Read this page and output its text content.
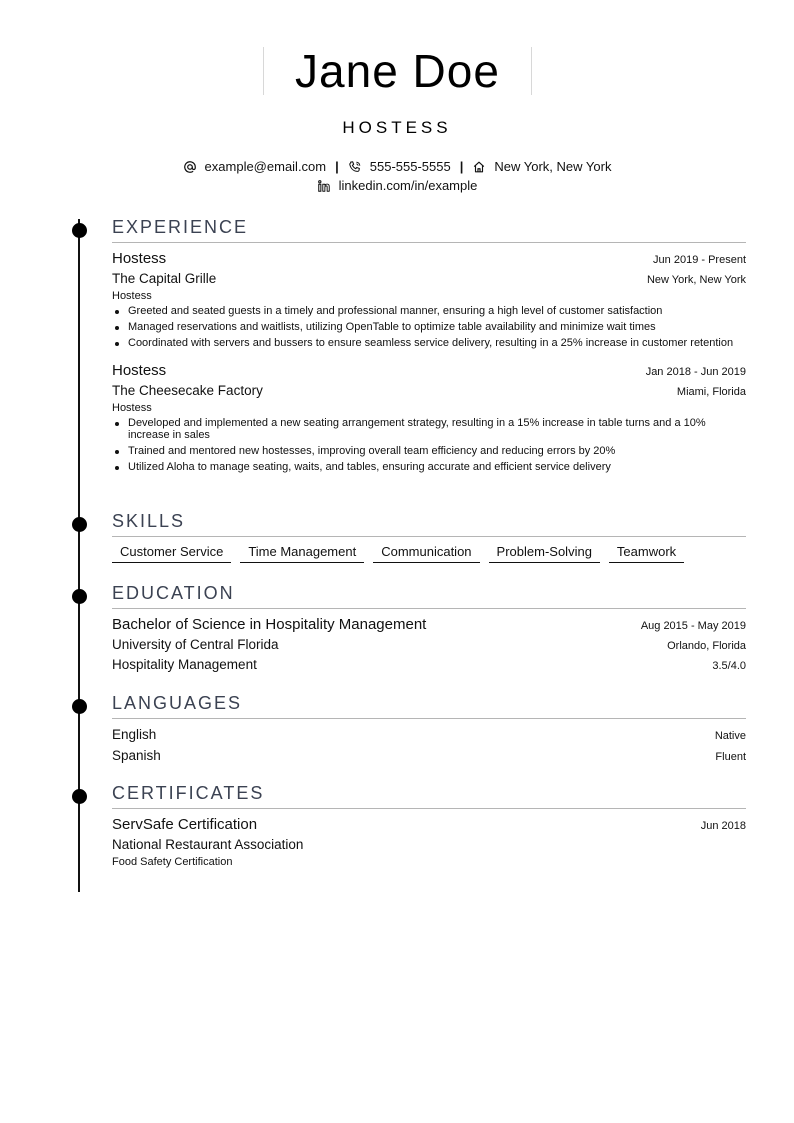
Jane Doe
HOSTESS
example@email.com | 555-555-5555 | New York, New York
linkedin.com/in/example
EXPERIENCE
Hostess	Jun 2019 - Present
The Capital Grille	New York, New York
Hostess
Greeted and seated guests in a timely and professional manner, ensuring a high level of customer satisfaction
Managed reservations and waitlists, utilizing OpenTable to optimize table availability and minimize wait times
Coordinated with servers and bussers to ensure seamless service delivery, resulting in a 25% increase in customer retention
Hostess	Jan 2018 - Jun 2019
The Cheesecake Factory	Miami, Florida
Hostess
Developed and implemented a new seating arrangement strategy, resulting in a 15% increase in table turns and a 10% increase in sales
Trained and mentored new hostesses, improving overall team efficiency and reducing errors by 20%
Utilized Aloha to manage seating, waits, and tables, ensuring accurate and efficient service delivery
SKILLS
Customer Service	Time Management	Communication	Problem-Solving	Teamwork
EDUCATION
Bachelor of Science in Hospitality Management	Aug 2015 - May 2019
University of Central Florida	Orlando, Florida
Hospitality Management	3.5/4.0
LANGUAGES
English	Native
Spanish	Fluent
CERTIFICATES
ServSafe Certification	Jun 2018
National Restaurant Association
Food Safety Certification
